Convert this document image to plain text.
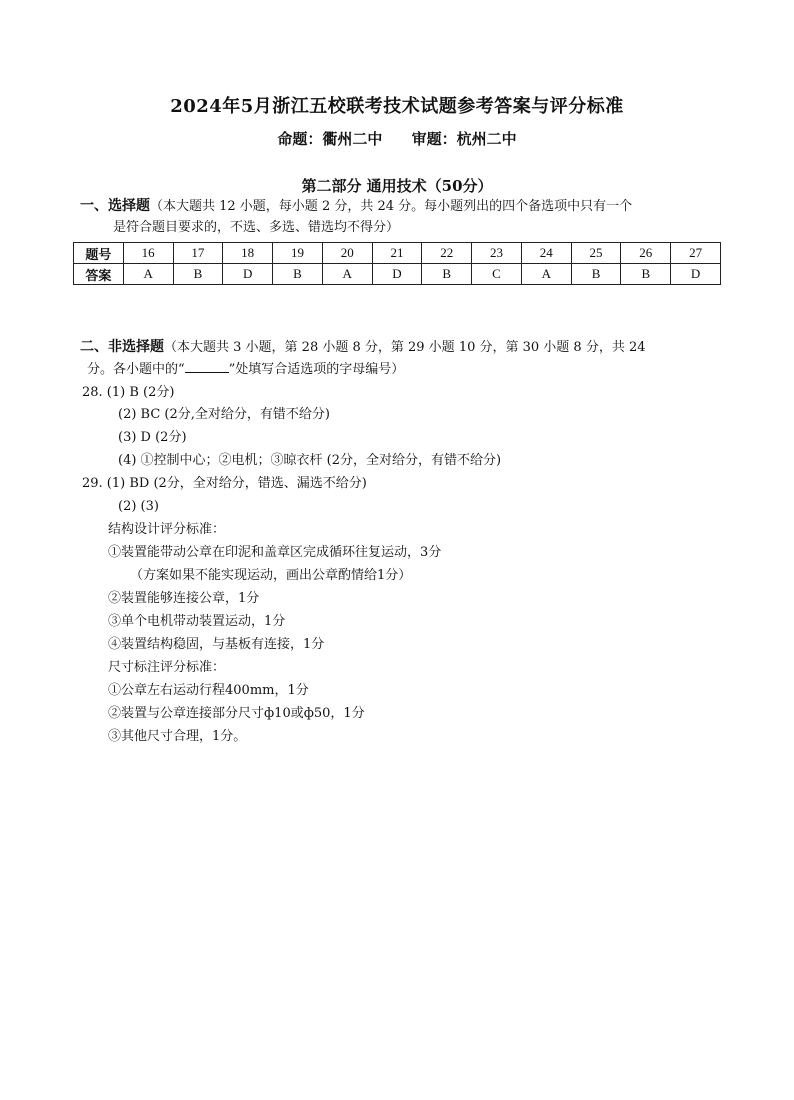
2024年5月浙江五校联考技术试题参考答案与评分标准
命题：衢州二中 审题：杭州二中
第二部分 通用技术（50分）
一、选择题（本大题共 12 小题，每小题 2 分，共 24 分。每小题列出的四个备选项中只有一个
是符合题目要求的，不选、多选、错选均不得分）
题号	16	17	18	19	20	21	22	23	24	25	26	27
答案	A	B	D	B	A	D	B	C	A	B	B	D
二、非选择题（本大题共 3 小题，第 28 小题 8 分，第 29 小题 10 分，第 30 小题 8 分，共 24
分。各小题中的“	”处填写合适选项的字母编号）
28. (1) B (2分)
(2) BC (2分,全对给分，有错不给分)
(3) D (2分)
(4) ①控制中心；②电机；③晾衣杆 (2分，全对给分，有错不给分)
29. (1) BD (2分，全对给分，错选、漏选不给分)
(2) (3)
结构设计评分标准：
①装置能带动公章在印泥和盖章区完成循环往复运动，3分
（方案如果不能实现运动，画出公章酌情给1分）
②装置能够连接公章，1分
③单个电机带动装置运动，1分
④装置结构稳固，与基板有连接，1分
尺寸标注评分标准：
①公章左右运动行程400mm，1分
②装置与公章连接部分尺寸ф10或ф50，1分
③其他尺寸合理，1分。
